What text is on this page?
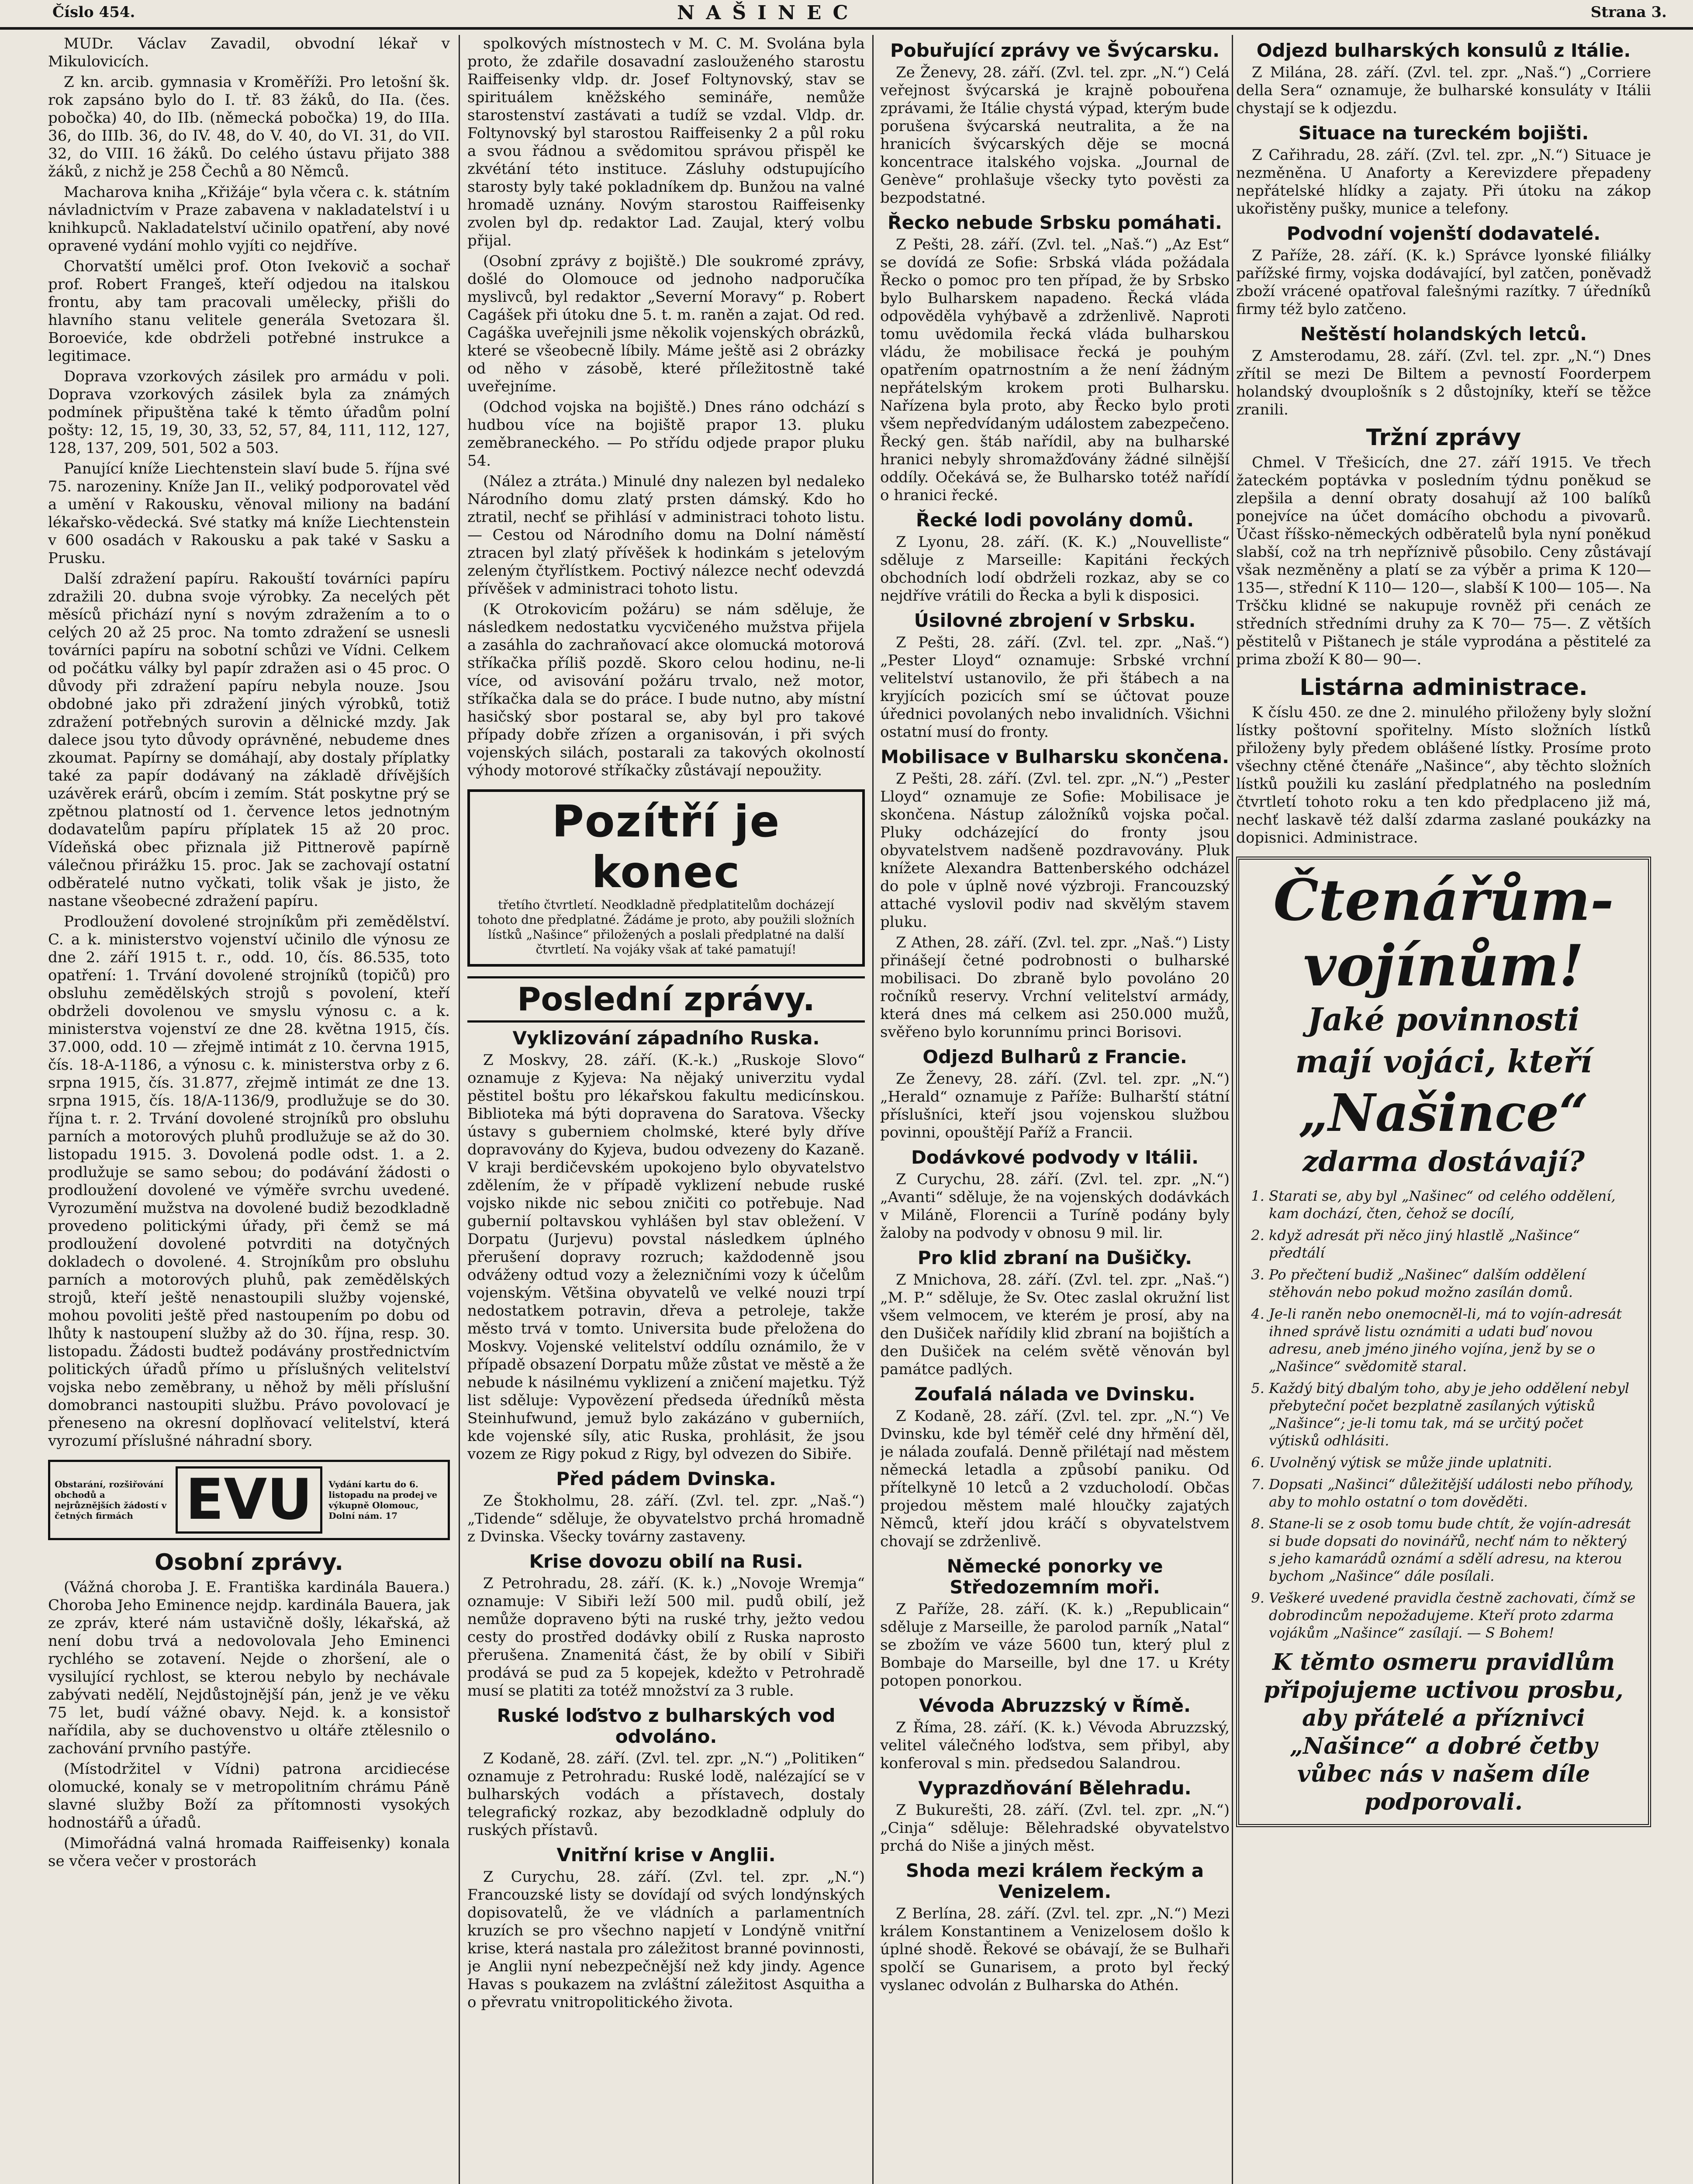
Číslo 454.	NAŠINEC	Strana 3.

MUDr. Václav Zavadil, obvodní lékař v Mikulovicích.

Z kn. arcib. gymnasia v Kroměříži. Pro letošní šk. rok zapsáno bylo do I. tř. 83 žáků, do IIa. (čes. pobočka) 40, do IIb. (německá pobočka) 19, do IIIa. 36, do IIIb. 36, do IV. 48, do V. 40, do VI. 31, do VII. 32, do VIII. 16 žáků. Do celého ústavu přijato 388 žáků, z nichž je 258 Čechů a 80 Němců.

Macharova kniha „Křižáje“ byla včera c. k. státním návladnictvím v Praze zabavena v nakladatelství i u knihkupců. Nakladatelství učinilo opatření, aby nové opravené vydání mohlo vyjíti co nejdříve.

Chorvatští umělci prof. Oton Ivekovič a sochař prof. Robert Frangeš, kteří odjedou na italskou frontu, aby tam pracovali umělecky, přišli do hlavního stanu velitele generála Svetozara šl. Boroeviće, kde obdrželi potřebné instrukce a legitimace.

Doprava vzorkových zásilek pro armádu v poli. Doprava vzorkových zásilek byla za známých podmínek připuštěna také k těmto úřadům polní pošty: 12, 15, 19, 30, 33, 52, 57, 84, 111, 112, 127, 128, 137, 209, 501, 502 a 503.

Panující kníže Liechtenstein slaví bude 5. října své 75. narozeniny. Kníže Jan II., veliký podporovatel věd a umění v Rakousku, věnoval miliony na badání lékařsko-vědecká. Své statky má kníže Liechtenstein v 600 osadách v Rakousku a pak také v Sasku a Prusku.

Další zdražení papíru. Rakouští továrníci papíru zdražili 20. dubna svoje výrobky. Za necelých pět měsíců přichází nyní s novým zdražením a to o celých 20 až 25 proc. Na tomto zdražení se usnesli továrníci papíru na sobotní schůzi ve Vídni. Celkem od počátku války byl papír zdražen asi o 45 proc. O důvody při zdražení papíru nebyla nouze. Jsou obdobné jako při zdražení jiných výrobků, totiž zdražení potřebných surovin a dělnické mzdy. Jak dalece jsou tyto důvody oprávněné, nebudeme dnes zkoumat. Papírny se domáhají, aby dostaly příplatky také za papír dodávaný na základě dřívějších uzávěrek erárů, obcím i zemím. Stát poskytne prý se zpětnou platností od 1. července letos jednotným dodavatelům papíru příplatek 15 až 20 proc. Vídeňská obec přiznala již Pittnerově papírně válečnou přirážku 15. proc. Jak se zachovají ostatní odběratelé nutno vyčkati, tolik však je jisto, že nastane všeobecné zdražení papíru.

Prodloužení dovolené strojníkům při zemědělství. C. a k. ministerstvo vojenství učinilo dle výnosu ze dne 2. září 1915 t. r., odd. 10, čís. 86.535, toto opatření: 1. Trvání dovolené strojníků (topičů) pro obsluhu zemědělských strojů s povolení, kteří obdrželi dovolenou ve smyslu výnosu c. a k. ministerstva vojenství ze dne 28. května 1915, čís. 37.000, odd. 10 — zřejmě intimát z 10. června 1915, čís. 18-A-1186, a výnosu c. k. ministerstva orby z 6. srpna 1915, čís. 31.877, zřejmě intimát ze dne 13. srpna 1915, čís. 18/A-1136/9, prodlužuje se do 30. října t. r. 2. Trvání dovolené strojníků pro obsluhu parních a motorových pluhů prodlužuje se až do 30. listopadu 1915. 3. Dovolená podle odst. 1. a 2. prodlužuje se samo sebou; do podávání žádosti o prodloužení dovolené ve výměře svrchu uvedené. Vyrozumění mužstva na dovolené budiž bezodkladně provedeno politickými úřady, při čemž se má prodloužení dovolené potvrditi na dotyčných dokladech o dovolené. 4. Strojníkům pro obsluhu parních a motorových pluhů, pak zemědělských strojů, kteří ještě nenastoupili služby vojenské, mohou povoliti ještě před nastoupením po dobu od lhůty k nastoupení služby až do 30. října, resp. 30. listopadu. Žádosti budtež podávány prostřednictvím politických úřadů přímo u příslušných velitelství vojska nebo zeměbrany, u něhož by měli příslušní domobranci nastoupiti službu. Právo povolovací je přeneseno na okresní doplňovací velitelství, která vyrozumí příslušné náhradní sbory.

Obstarání, rozšiřování obchodů a nejrůznějších žádostí v četných firmách EVU	Vydání kartu do 6. listopadu na prodej ve výkupně Olomouc, Dolní nám. 17
Osobní zprávy.

(Vážná choroba J. E. Františka kardinála Bauera.) Choroba Jeho Eminence nejdp. kardinála Bauera, jak ze zpráv, které nám ustavičně došly, lékařská, až není dobu trvá a nedovolovala Jeho Eminenci rychlého se zotavení. Nejde o zhoršení, ale o vysilující rychlost, se kterou nebylo by nechávale zabývati nedělí, Nejdůstojnější pán, jenž je ve věku 75 let, budí vážné obavy. Nejd. k. a konsistoř nařídila, aby se duchovenstvo u oltáře ztělesnilo o zachování prvního pastýře.

(Místodržitel v Vídni) patrona arcidiecése olomucké, konaly se v metropolitním chrámu Páně slavné služby Boží za přítomnosti vysokých hodnostářů a úřadů.

(Mimořádná valná hromada Raiffeisenky) konala se včera večer v prostorách

spolkových místnostech v M. C. M. Svolána byla proto, že zdařile dosavadní zaslouženého starostu Raiffeisenky vldp. dr. Josef Foltynovský, stav se spirituálem kněžského semináře, nemůže starostenství zastávati a tudíž se vzdal. Vldp. dr. Foltynovský byl starostou Raiffeisenky 2 a půl roku a svou řádnou a svědomitou správou přispěl ke zkvétání této instituce. Zásluhy odstupujícího starosty byly také pokladníkem dp. Bunžou na valné hromadě uznány. Novým starostou Raiffeisenky zvolen byl dp. redaktor Lad. Zaujal, který volbu přijal.

(Osobní zprávy z bojiště.) Dle soukromé zprávy, došlé do Olomouce od jednoho nadporučíka myslivců, byl redaktor „Severní Moravy“ p. Robert Cagášek při útoku dne 5. t. m. raněn a zajat. Od red. Cagáška uveřejnili jsme několik vojenských obrázků, které se všeobecně líbily. Máme ještě asi 2 obrázky od něho v zásobě, které příležitostně také uveřejníme.

(Odchod vojska na bojiště.) Dnes ráno odchází s hudbou více na bojiště prapor 13. pluku zeměbraneckého. — Po střídu odjede prapor pluku 54.

(Nález a ztráta.) Minulé dny nalezen byl nedaleko Národního domu zlatý prsten dámský. Kdo ho ztratil, nechť se přihlásí v administraci tohoto listu. — Cestou od Národního domu na Dolní náměstí ztracen byl zlatý přívěšek k hodinkám s jetelovým zeleným čtyřlístkem. Poctivý nálezce nechť odevzdá přívěšek v administraci tohoto listu.

(K Otrokovicím požáru) se nám sděluje, že následkem nedostatku vycvičeného mužstva přijela a zasáhla do zachraňovací akce olomucká motorová stříkačka příliš pozdě. Skoro celou hodinu, ne-li více, od avisování požáru trvalo, než motor, stříkačka dala se do práce. I bude nutno, aby místní hasičský sbor postaral se, aby byl pro takové případy dobře zřízen a organisován, i při svých vojenských silách, postarali za takových okolností výhody motorové stříkačky zůstávají nepoužity.

Pozítří je konec

třetího čtvrtletí. Neodkladně předplatitelům docházejí tohoto dne předplatné. Žádáme je proto, aby použili složních lístků „Našince“ přiložených a poslali předplatné na další čtvrtletí. Na vojáky však ať také pamatují!

Poslední zprávy.
Vyklizování západního Ruska.

Z Moskvy, 28. září. (K.-k.) „Ruskoje Slovo“ oznamuje z Kyjeva: Na nějaký univerzitu vydal pěstitel boštu pro lékařskou fakultu medicínskou. Biblioteka má býti dopravena do Saratova. Všecky ústavy s guberniem cholmské, které byly dříve dopravovány do Kyjeva, budou odvezeny do Kazaně. V kraji berdičevském upokojeno bylo obyvatelstvo zdělením, že v případě vyklizení nebude ruské vojsko nikde nic sebou zničiti co potřebuje. Nad gubernií poltavskou vyhlášen byl stav obležení. V Dorpatu (Jurjevu) povstal následkem úplného přerušení dopravy rozruch; každodenně jsou odváženy odtud vozy a železničními vozy k účelům vojenským. Většina obyvatelů ve velké nouzi trpí nedostatkem potravin, dřeva a petroleje, takže město trvá v tomto. Universita bude přeložena do Moskvy. Vojenské velitelství oddílu oznámilo, že v případě obsazení Dorpatu může zůstat ve městě a že nebude k násilnému vyklizení a zničení majetku. Týž list sděluje: Vypovězení předseda úředníků města Steinhufwund, jemuž bylo zakázáno v guberniích, kde vojenské síly, atic Ruska, prohlásit, že jsou vozem ze Rigy pokud z Rigy, byl odvezen do Sibiře.

Před pádem Dvinska.

Ze Štokholmu, 28. září. (Zvl. tel. zpr. „Naš.“) „Tidende“ sděluje, že obyvatelstvo prchá hromadně z Dvinska. Všecky továrny zastaveny.

Krise dovozu obilí na Rusi.

Z Petrohradu, 28. září. (K. k.) „Novoje Wremja“ oznamuje: V Sibiři leží 500 mil. pudů obilí, jež nemůže dopraveno býti na ruské trhy, ježto vedou cesty do prostřed dodávky obilí z Ruska naprosto přerušena. Znamenitá část, že by obilí v Sibiři prodává se pud za 5 kopejek, kdežto v Petrohradě musí se platiti za totéž množství za 3 ruble.

Ruské loďstvo z bulharských vod odvoláno.

Z Kodaně, 28. září. (Zvl. tel. zpr. „N.“) „Politiken“ oznamuje z Petrohradu: Ruské lodě, nalézající se v bulharských vodách a přístavech, dostaly telegrafický rozkaz, aby bezodkladně odpluly do ruských přístavů.

Vnitřní krise v Anglii.

Z Curychu, 28. září. (Zvl. tel. zpr. „N.“) Francouzské listy se dovídají od svých londýnských dopisovatelů, že ve vládních a parlamentních kruzích se pro všechno napjetí v Londýně vnitřní krise, která nastala pro záležitost branné povinnosti, je Anglii nyní nebezpečnější než kdy jindy. Agence Havas s poukazem na zvláštní záležitost Asquitha a o převratu vnitropolitického života.

Pobuřující zprávy ve Švýcarsku.

Ze Ženevy, 28. září. (Zvl. tel. zpr. „N.“) Celá veřejnost švýcarská je krajně pobouřena zprávami, že Itálie chystá výpad, kterým bude porušena švýcarská neutralita, a že na hranicích švýcarských děje se mocná koncentrace italského vojska. „Journal de Genève“ prohlašuje všecky tyto pověsti za bezpodstatné.

Řecko nebude Srbsku pomáhati.

Z Pešti, 28. září. (Zvl. tel. „Naš.“) „Az Est“ se dovídá ze Sofie: Srbská vláda požádala Řecko o pomoc pro ten případ, že by Srbsko bylo Bulharskem napadeno. Řecká vláda odpověděla vyhýbavě a zdrženlivě. Naproti tomu uvědomila řecká vláda bulharskou vládu, že mobilisace řecká je pouhým opatřením opatrnostním a že není žádným nepřátelským krokem proti Bulharsku. Nařízena byla proto, aby Řecko bylo proti všem nepředvídaným událostem zabezpečeno. Řecký gen. štáb nařídil, aby na bulharské hranici nebyly shromažďovány žádné silnější oddíly. Očekává se, že Bulharsko totéž nařídí o hranici řecké.

Řecké lodi povolány domů.

Z Lyonu, 28. září. (K. K.) „Nouvelliste“ sděluje z Marseille: Kapitáni řeckých obchodních lodí obdrželi rozkaz, aby se co nejdříve vrátili do Řecka a byli k disposici.

Úsilovné zbrojení v Srbsku.

Z Pešti, 28. září. (Zvl. tel. zpr. „Naš.“) „Pester Lloyd“ oznamuje: Srbské vrchní velitelství ustanovilo, že při štábech a na kryjících pozicích smí se účtovat pouze úřednici povolaných nebo invalidních. Všichni ostatní musí do fronty.

Mobilisace v Bulharsku skončena.

Z Pešti, 28. září. (Zvl. tel. zpr. „N.“) „Pester Lloyd“ oznamuje ze Sofie: Mobilisace je skončena. Nástup záložníků vojska počal. Pluky odcházející do fronty jsou obyvatelstvem nadšeně pozdravovány. Pluk knížete Alexandra Battenberského odcházel do pole v úplně nové výzbroji. Francouzský attaché vyslovil podiv nad skvělým stavem pluku.

Z Athen, 28. září. (Zvl. tel. zpr. „Naš.“) Listy přinášejí četné podrobnosti o bulharské mobilisaci. Do zbraně bylo povoláno 20 ročníků reservy. Vrchní velitelství armády, která dnes má celkem asi 250.000 mužů, svěřeno bylo korunnímu princi Borisovi.

Odjezd Bulharů z Francie.

Ze Ženevy, 28. září. (Zvl. tel. zpr. „N.“) „Herald“ oznamuje z Paříže: Bulharští státní příslušníci, kteří jsou vojenskou službou povinni, opouštějí Paříž a Francii.

Dodávkové podvody v Itálii.

Z Curychu, 28. září. (Zvl. tel. zpr. „N.“) „Avanti“ sděluje, že na vojenských dodávkách v Miláně, Florencii a Turíně podány byly žaloby na podvody v obnosu 9 mil. lir.

Pro klid zbraní na Dušičky.

Z Mnichova, 28. září. (Zvl. tel. zpr. „Naš.“) „M. P.“ sděluje, že Sv. Otec zaslal okružní list všem velmocem, ve kterém je prosí, aby na den Dušiček nařídily klid zbraní na bojištích a den Dušiček na celém světě věnován byl památce padlých.

Zoufalá nálada ve Dvinsku.

Z Kodaně, 28. září. (Zvl. tel. zpr. „N.“) Ve Dvinsku, kde byl téměř celé dny hřmění děl, je nálada zoufalá. Denně přilétají nad městem německá letadla a způsobí paniku. Od přítelkyně 10 letců a 2 vzducholodí. Občas projedou městem malé hloučky zajatých Němců, kteří jdou kráčí s obyvatelstvem chovají se zdrženlivě.

Německé ponorky ve Středozemním moři.

Z Paříže, 28. září. (K. k.) „Republicain“ sděluje z Marseille, že parolod parník „Natal“ se zbožím ve váze 5600 tun, který plul z Bombaje do Marseille, byl dne 17. u Kréty potopen ponorkou.

Vévoda Abruzzský v Římě.

Z Říma, 28. září. (K. k.) Vévoda Abruzzský, velitel válečného loďstva, sem přibyl, aby konferoval s min. předsedou Salandrou.

Vyprazdňování Bělehradu.

Z Bukurešti, 28. září. (Zvl. tel. zpr. „N.“) „Cinja“ sděluje: Bělehradské obyvatelstvo prchá do Niše a jiných měst.

Shoda mezi králem řeckým a Venizelem.

Z Berlína, 28. září. (Zvl. tel. zpr. „N.“) Mezi králem Konstantinem a Venizelosem došlo k úplné shodě. Řekové se obávají, že se Bulhaři spolčí se Gunarisem, a proto byl řecký vyslanec odvolán z Bulharska do Athén.

Odjezd bulharských konsulů z Itálie.

Z Milána, 28. září. (Zvl. tel. zpr. „Naš.“) „Corriere della Sera“ oznamuje, že bulharské konsuláty v Itálii chystají se k odjezdu.

Situace na tureckém bojišti.

Z Cařihradu, 28. září. (Zvl. tel. zpr. „N.“) Situace je nezměněna. U Anaforty a Kerevizdere přepadeny nepřátelské hlídky a zajaty. Při útoku na zákop ukořistěny pušky, munice a telefony.

Podvodní vojenští dodavatelé.

Z Paříže, 28. září. (K. k.) Správce lyonské filiálky pařížské firmy, vojska dodávající, byl zatčen, poněvadž zboží vrácené opatřoval falešnými razítky. 7 úředníků firmy též bylo zatčeno.

Neštěstí holandských letců.

Z Amsterodamu, 28. září. (Zvl. tel. zpr. „N.“) Dnes zřítil se mezi De Biltem a pevností Foorderpem holandský dvouplošník s 2 důstojníky, kteří se těžce zranili.

Tržní zprávy

Chmel. V Třešicích, dne 27. září 1915. Ve třech žateckém poptávka v posledním týdnu poněkud se zlepšila a denní obraty dosahují až 100 balíků ponejvíce na účet domácího obchodu a pivovarů. Účast říšsko-německých odběratelů byla nyní poněkud slabší, což na trh nepříznivě působilo. Ceny zůstávají však nezměněny a platí se za výběr a prima K 120— 135—, střední K 110— 120—, slabší K 100— 105—. Na Trščku klidné se nakupuje rovněž při cenách ze středních středními druhy za K 70— 75—. Z větších pěstitelů v Pištanech je stále vyprodána a pěstitelé za prima zboží K 80— 90—.

Listárna administrace.

K číslu 450. ze dne 2. minulého přiloženy byly složní lístky poštovní spořitelny. Místo složních lístků přiloženy byly předem oblášené lístky. Prosíme proto všechny ctěné čtenáře „Našince“, aby těchto složních lístků použili ku zaslání předplatného na posledním čtvrtletí tohoto roku a ten kdo předplaceno již má, nechť laskavě též další zdarma zaslané poukázky na dopisnici. Administrace.

Čtenářům-
vojínům!
Jaké povinnosti
mají vojáci, kteří
„Našince“
zdarma dostávají?
1. Starati se, aby byl „Našinec“ od celého oddělení, kam dochází, čten, čehož se docílí,
2. když adresát při něco jiný hlastlě „Našince“ předtálí
3. Po přečtení budiž „Našinec“ dalším oddělení stěhován nebo pokud možno zasílán domů.
4. Je-li raněn nebo onemocněl-li, má to vojín-adresát ihned správě listu oznámiti a udati buď novou adresu, aneb jméno jiného vojína, jenž by se o „Našince“ svědomitě staral.
5. Každý bitý dbalým toho, aby je jeho oddělení nebyl přebyteční počet bezplatně zasílaných výtisků „Našince“; je-li tomu tak, má se určitý počet výtisků odhlásiti.
6. Uvolněný výtisk se může jinde uplatniti.
7. Dopsati „Našinci“ důležitější události nebo příhody, aby to mohlo ostatní o tom dověděti.
8. Stane-li se z osob tomu bude chtít, že vojín-adresát si bude dopsati do novinářů, nechť nám to některý s jeho kamarádů oznámí a sdělí adresu, na kterou bychom „Našince“ dále posílali.
9. Veškeré uvedené pravidla čestně zachovati, čímž se dobrodincům nepožadujeme. Kteří proto zdarma vojákům „Našince“ zasílají. — S Bohem!
K těmto osmeru pravidlům připojujeme uctivou prosbu, aby přátelé a příznivci „Našince“ a dobré četby vůbec nás v našem díle podporovali.
